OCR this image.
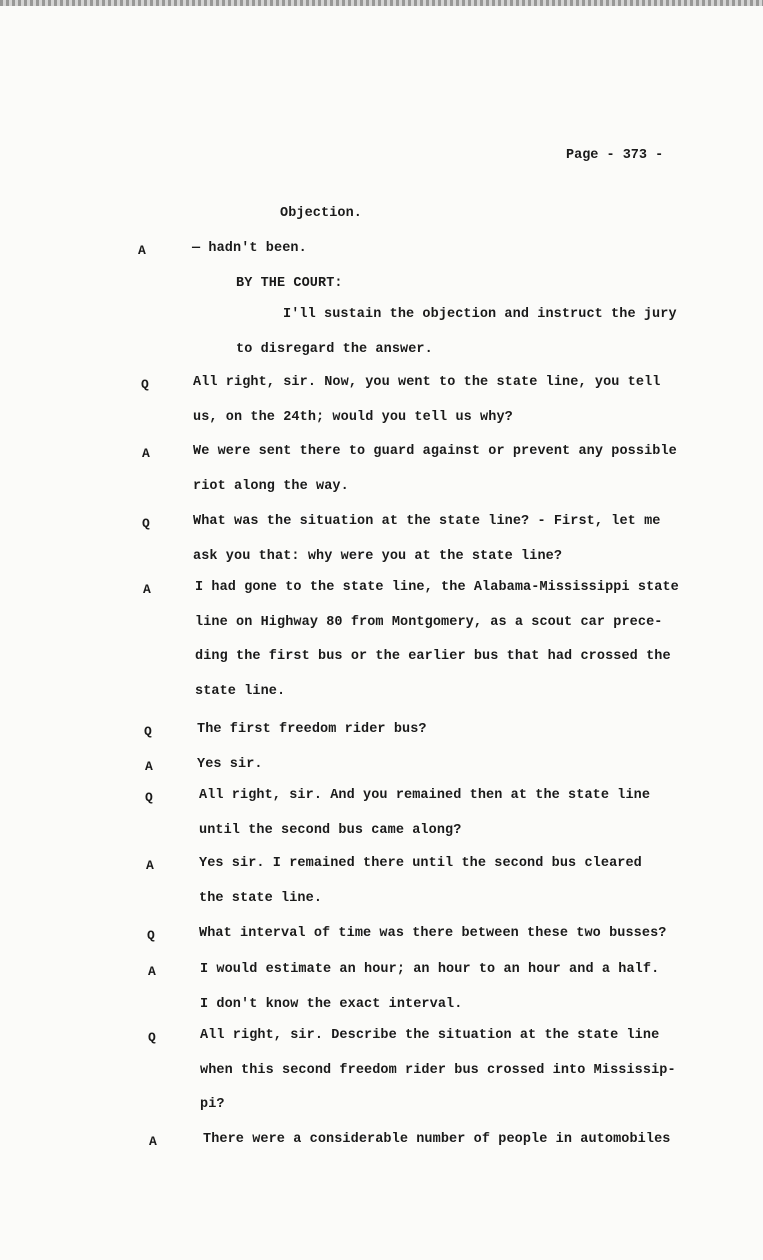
Page - 373 -
Objection.
A	— hadn't been.
BY THE COURT:
I'll sustain the objection and instruct the jury
to disregard the answer.
Q	All right, sir. Now, you went to the state line, you tell
us, on the 24th; would you tell us why?
A	We were sent there to guard against or prevent any possible
riot along the way.
Q	What was the situation at the state line? - First, let me
ask you that: why were you at the state line?
A	I had gone to the state line, the Alabama-Mississippi state
line on Highway 80 from Montgomery, as a scout car prece-
ding the first bus or the earlier bus that had crossed the
state line.
Q	The first freedom rider bus?
A	Yes sir.
Q	All right, sir. And you remained then at the state line
until the second bus came along?
A	Yes sir. I remained there until the second bus cleared
the state line.
Q	What interval of time was there between these two busses?
A	I would estimate an hour; an hour to an hour and a half.
I don't know the exact interval.
Q	All right, sir. Describe the situation at the state line
when this second freedom rider bus crossed into Mississip-
pi?
A	There were a considerable number of people in automobiles
